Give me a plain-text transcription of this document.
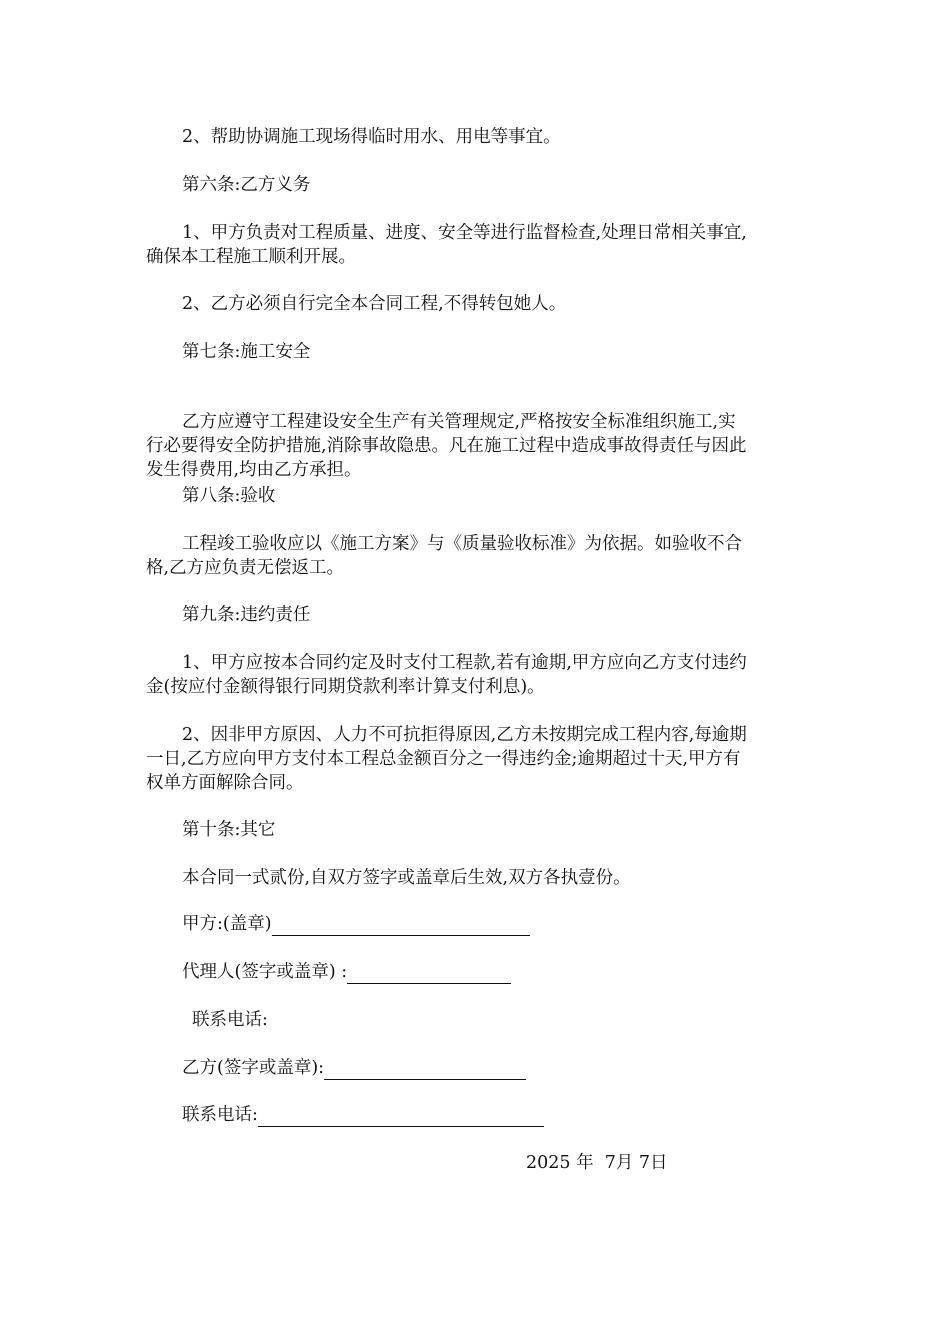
2、帮助协调施工现场得临时用水、用电等事宜。
第六条:乙方义务
1、甲方负责对工程质量、进度、安全等进行监督检查,处理日常相关事宜,
确保本工程施工顺利开展。
2、乙方必须自行完全本合同工程,不得转包她人。
第七条:施工安全
乙方应遵守工程建设安全生产有关管理规定,严格按安全标准组织施工,实
行必要得安全防护措施,消除事故隐患。凡在施工过程中造成事故得责任与因此
发生得费用,均由乙方承担。
第八条:验收
工程竣工验收应以《施工方案》与《质量验收标准》为依据。如验收不合
格,乙方应负责无偿返工。
第九条:违约责任
1、甲方应按本合同约定及时支付工程款,若有逾期,甲方应向乙方支付违约
金(按应付金额得银行同期贷款利率计算支付利息)。
2、因非甲方原因、人力不可抗拒得原因,乙方未按期完成工程内容,每逾期
一日,乙方应向甲方支付本工程总金额百分之一得违约金;逾期超过十天,甲方有
权单方面解除合同。
第十条:其它
本合同一式贰份,自双方签字或盖章后生效,双方各执壹份。
甲方:(盖章)
代理人(签字或盖章) :
联系电话:
乙方(签字或盖章):
联系电话:
2025 年  7月 7日
